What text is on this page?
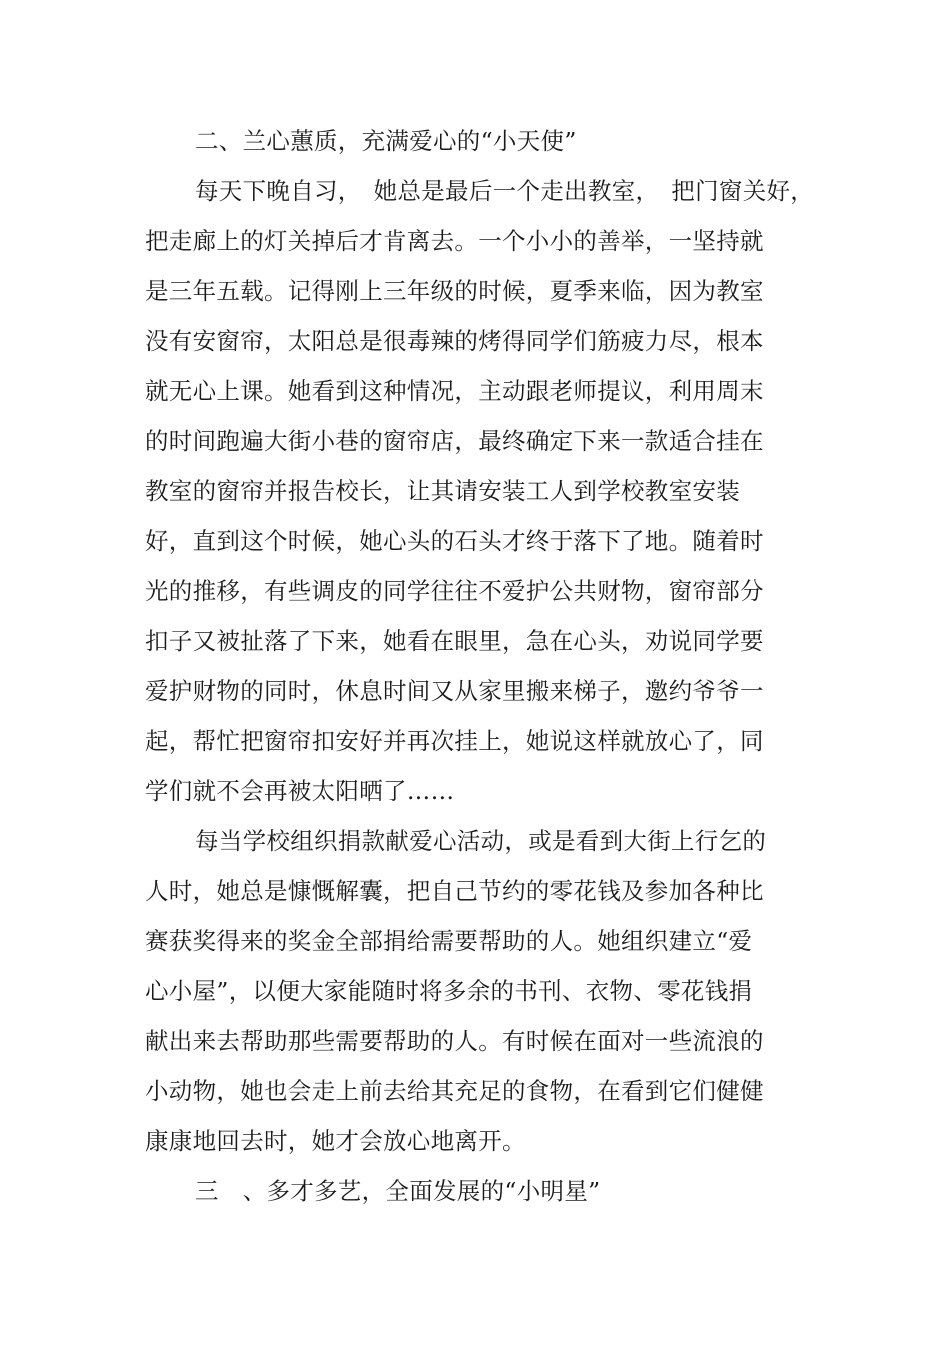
二、兰心蕙质，充满爱心的“小天使”
每天下晚自习，　她总是最后一个走出教室，　把门窗关好，
把走廊上的灯关掉后才肯离去。一个小小的善举，一坚持就
是三年五载。记得刚上三年级的时候，夏季来临，因为教室
没有安窗帘，太阳总是很毒辣的烤得同学们筋疲力尽，根本
就无心上课。她看到这种情况，主动跟老师提议，利用周末
的时间跑遍大街小巷的窗帘店，最终确定下来一款适合挂在
教室的窗帘并报告校长，让其请安装工人到学校教室安装
好，直到这个时候，她心头的石头才终于落下了地。随着时
光的推移，有些调皮的同学往往不爱护公共财物，窗帘部分
扣子又被扯落了下来，她看在眼里，急在心头，劝说同学要
爱护财物的同时，休息时间又从家里搬来梯子，邀约爷爷一
起，帮忙把窗帘扣安好并再次挂上，她说这样就放心了，同
学们就不会再被太阳晒了……
每当学校组织捐款献爱心活动，或是看到大街上行乞的
人时，她总是慷慨解囊，把自己节约的零花钱及参加各种比
赛获奖得来的奖金全部捐给需要帮助的人。她组织建立“爱
心小屋”，以便大家能随时将多余的书刊、衣物、零花钱捐
献出来去帮助那些需要帮助的人。有时候在面对一些流浪的
小动物，她也会走上前去给其充足的食物，在看到它们健健
康康地回去时，她才会放心地离开。
三　、多才多艺，全面发展的“小明星”
